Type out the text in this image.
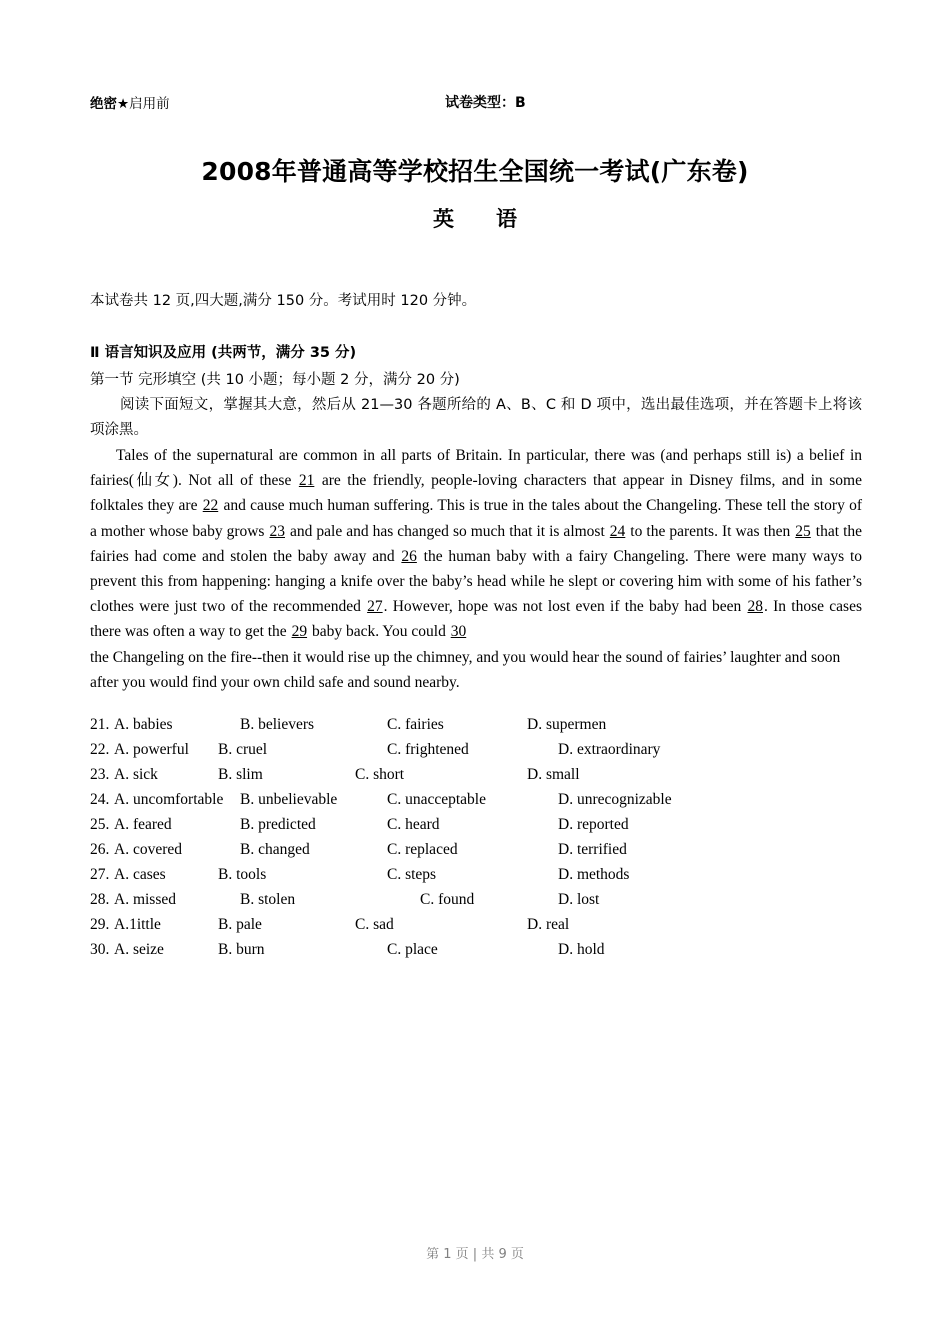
绝密★启用前	试卷类型：B
2008年普通高等学校招生全国统一考试(广东卷)
英　　语
本试卷共 12 页,四大题,满分 150 分。考试用时 120 分钟。
Ⅱ 语言知识及应用 (共两节，满分 35 分)
第一节 完形填空 (共 10 小题；每小题 2 分，满分 20 分)
阅读下面短文，掌握其大意，然后从 21—30 各题所给的 A、B、C 和 D 项中，选出最佳选项，并在答题卡上将该项涂黑。

Tales of the supernatural are common in all parts of Britain. In particular, there was (and perhaps still is) a belief in fairies(仙女). Not all of these 21 are the friendly, people-loving characters that appear in Disney films, and in some folktales they are 22 and cause much human suffering. This is true in the tales about the Changeling. These tell the story of a mother whose baby grows 23 and pale and has changed so much that it is almost 24 to the parents. It was then 25 that the fairies had come and stolen the baby away and 26 the human baby with a fairy Changeling. There were many ways to prevent this from happening: hanging a knife over the baby’s head while he slept or covering him with some of his father’s clothes were just two of the recommended 27. However, hope was not lost even if the baby had been 28. In those cases there was often a way to get the 29 baby back. You could 30

the Changeling on the fire--then it would rise up the chimney, and you would hear the sound of fairies’ laughter and soon after you would find your own child safe and sound nearby.

21. A. babies	B. believers	C. fairies	D. supermen
22. A. powerful B. cruel	C. frightened	D. extraordinary
23. A. sick	B. slim	C. short	D. small
24. A. uncomfortable B. unbelievable	C. unacceptable	D. unrecognizable
25. A. feared	B. predicted	C. heard	D. reported
26. A. covered	B. changed	C. replaced	D. terrified
27. A. cases	B. tools	C. steps	D. methods
28. A. missed	B. stolen	C. found	D. lost
29. A.1ittle	B. pale	C. sad	D. real
30. A. seize	B. burn	C. place	D. hold
第 1 页 | 共 9 页
